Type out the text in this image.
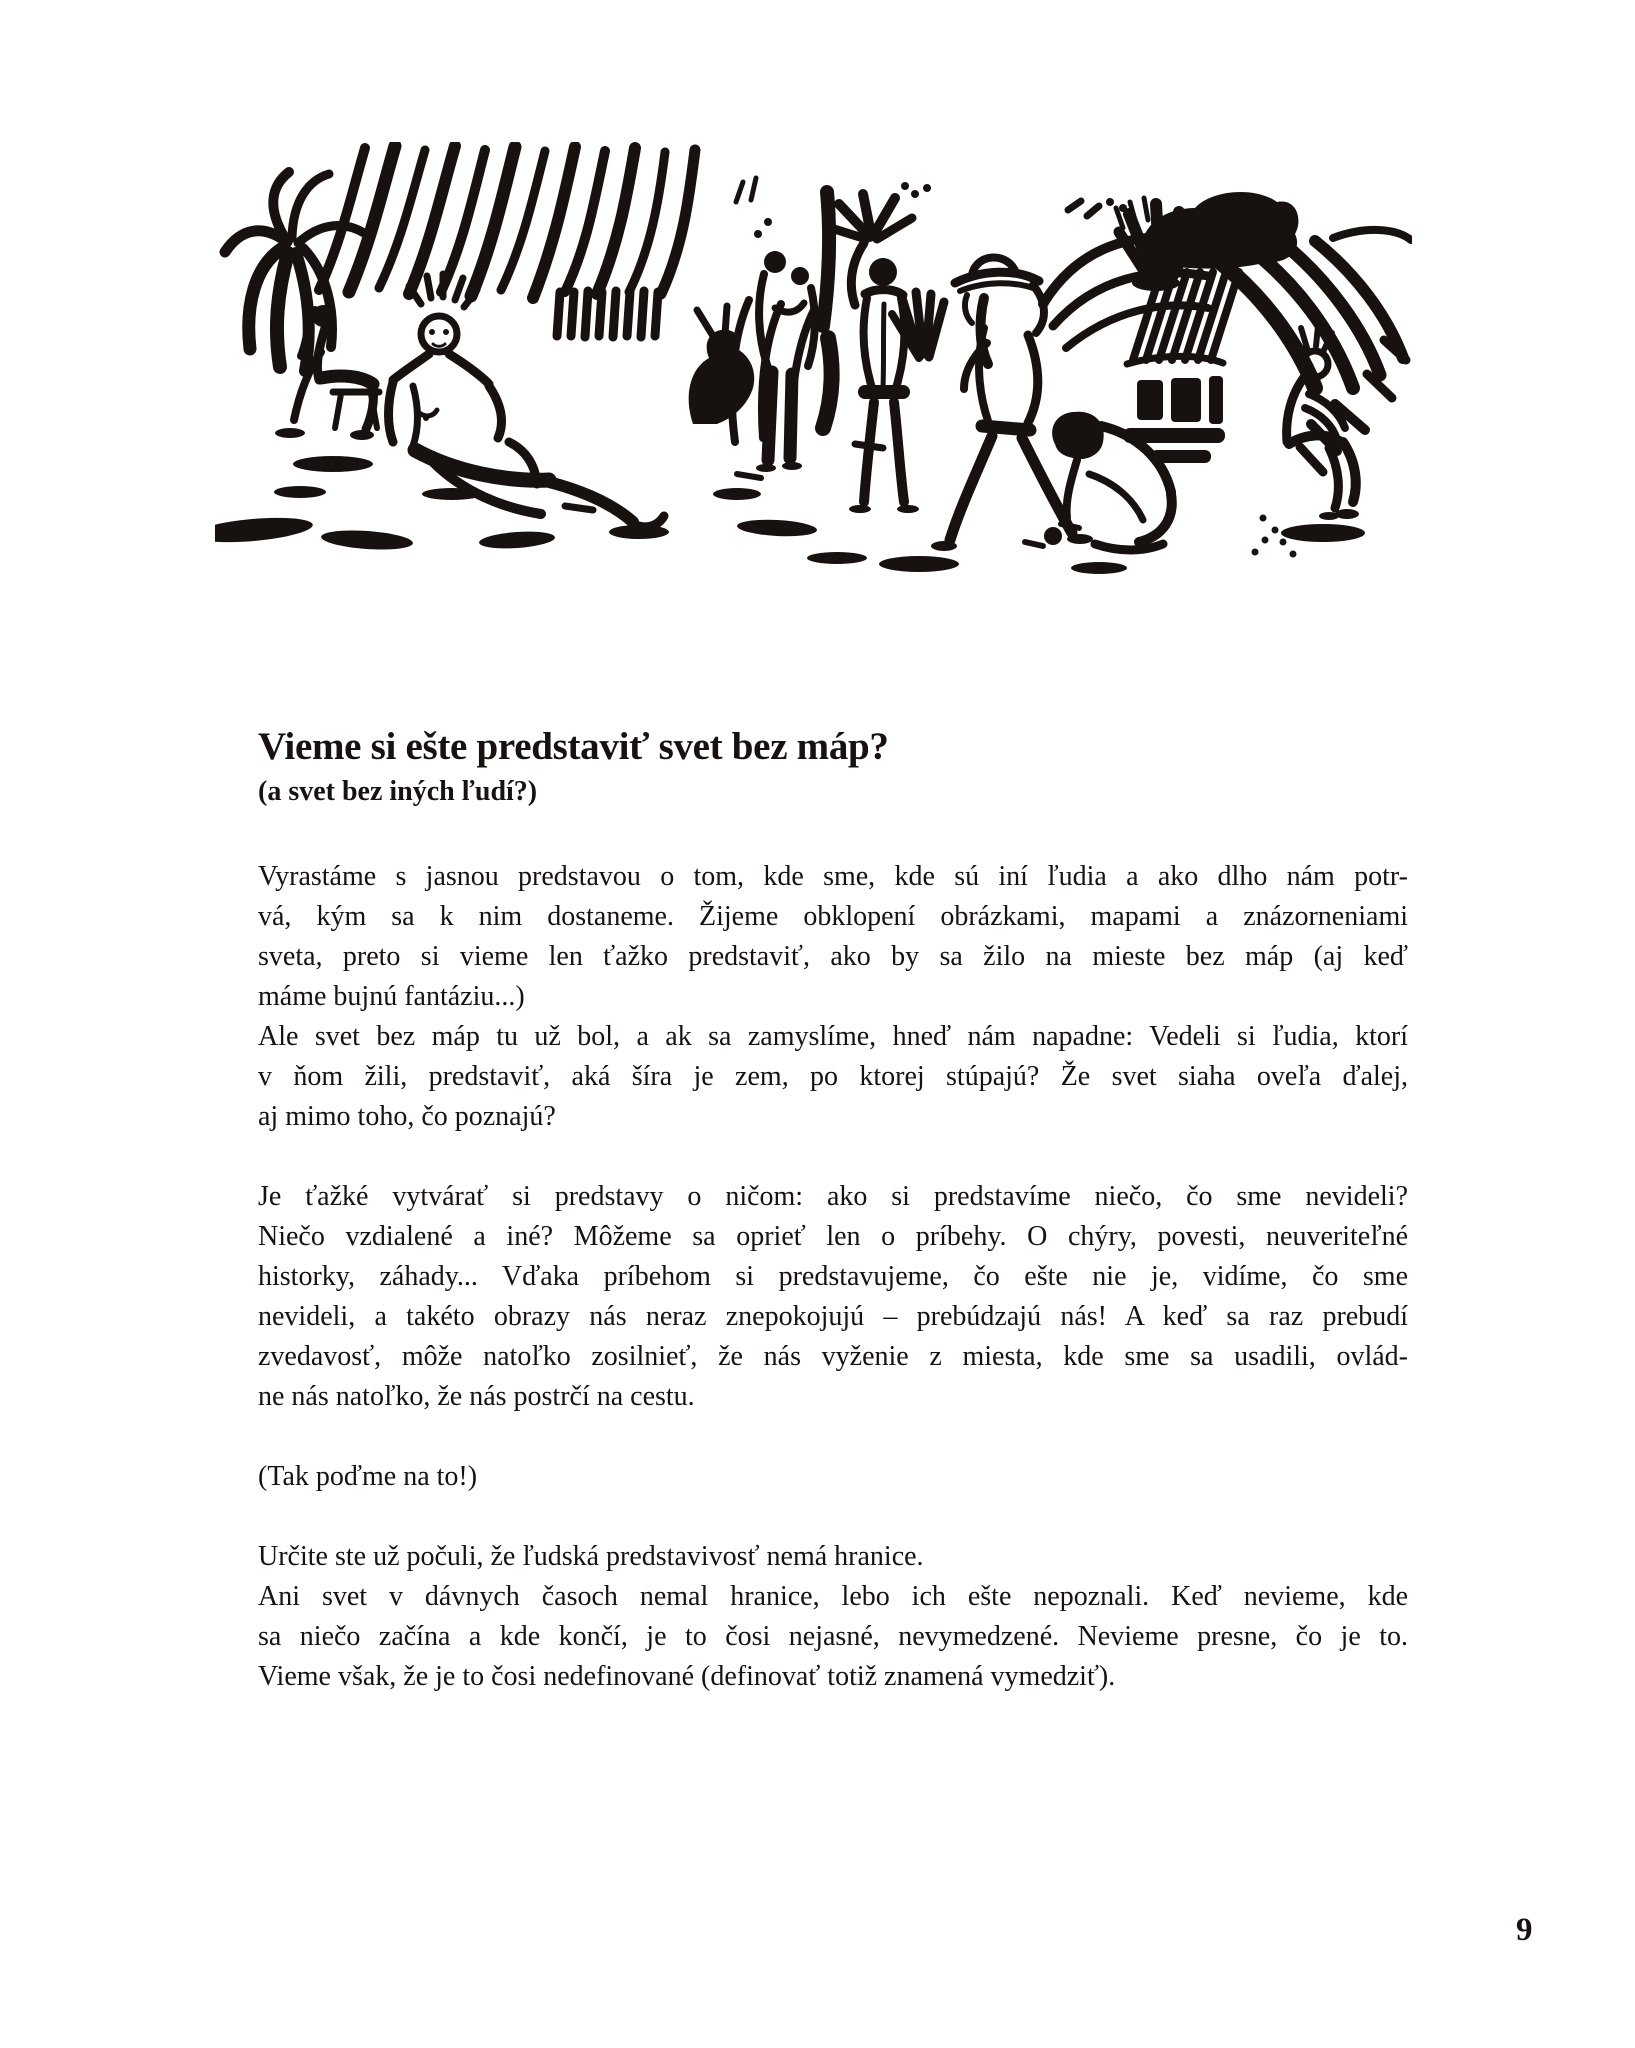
Vieme si ešte predstaviť svet bez máp?
(a svet bez iných ľudí?)

Vyrastáme s jasnou predstavou o tom, kde sme, kde sú iní ľudia a ako dlho nám potr-
vá, kým sa k nim dostaneme. Žijeme obklopení obrázkami, mapami a znázorneniami
sveta, preto si vieme len ťažko predstaviť, ako by sa žilo na mieste bez máp (aj keď
máme bujnú fantáziu...)

Ale svet bez máp tu už bol, a ak sa zamyslíme, hneď nám napadne: Vedeli si ľudia, ktorí
v ňom žili, predstaviť, aká šíra je zem, po ktorej stúpajú? Že svet siaha oveľa ďalej,
aj mimo toho, čo poznajú?

Je ťažké vytvárať si predstavy o ničom: ako si predstavíme niečo, čo sme nevideli?
Niečo vzdialené a iné? Môžeme sa oprieť len o príbehy. O chýry, povesti, neuveriteľné
historky, záhady... Vďaka príbehom si predstavujeme, čo ešte nie je, vidíme, čo sme
nevideli, a takéto obrazy nás neraz znepokojujú – prebúdzajú nás! A keď sa raz prebudí
zvedavosť, môže natoľko zosilnieť, že nás vyženie z miesta, kde sme sa usadili, ovlád-
ne nás natoľko, že nás postrčí na cestu.

(Tak poďme na to!)

Určite ste už počuli, že ľudská predstavivosť nemá hranice.

Ani svet v dávnych časoch nemal hranice, lebo ich ešte nepoznali. Keď nevieme, kde
sa niečo začína a kde končí, je to čosi nejasné, nevymedzené. Nevieme presne, čo je to.
Vieme však, že je to čosi nedefinované (definovať totiž znamená vymedziť).

9
